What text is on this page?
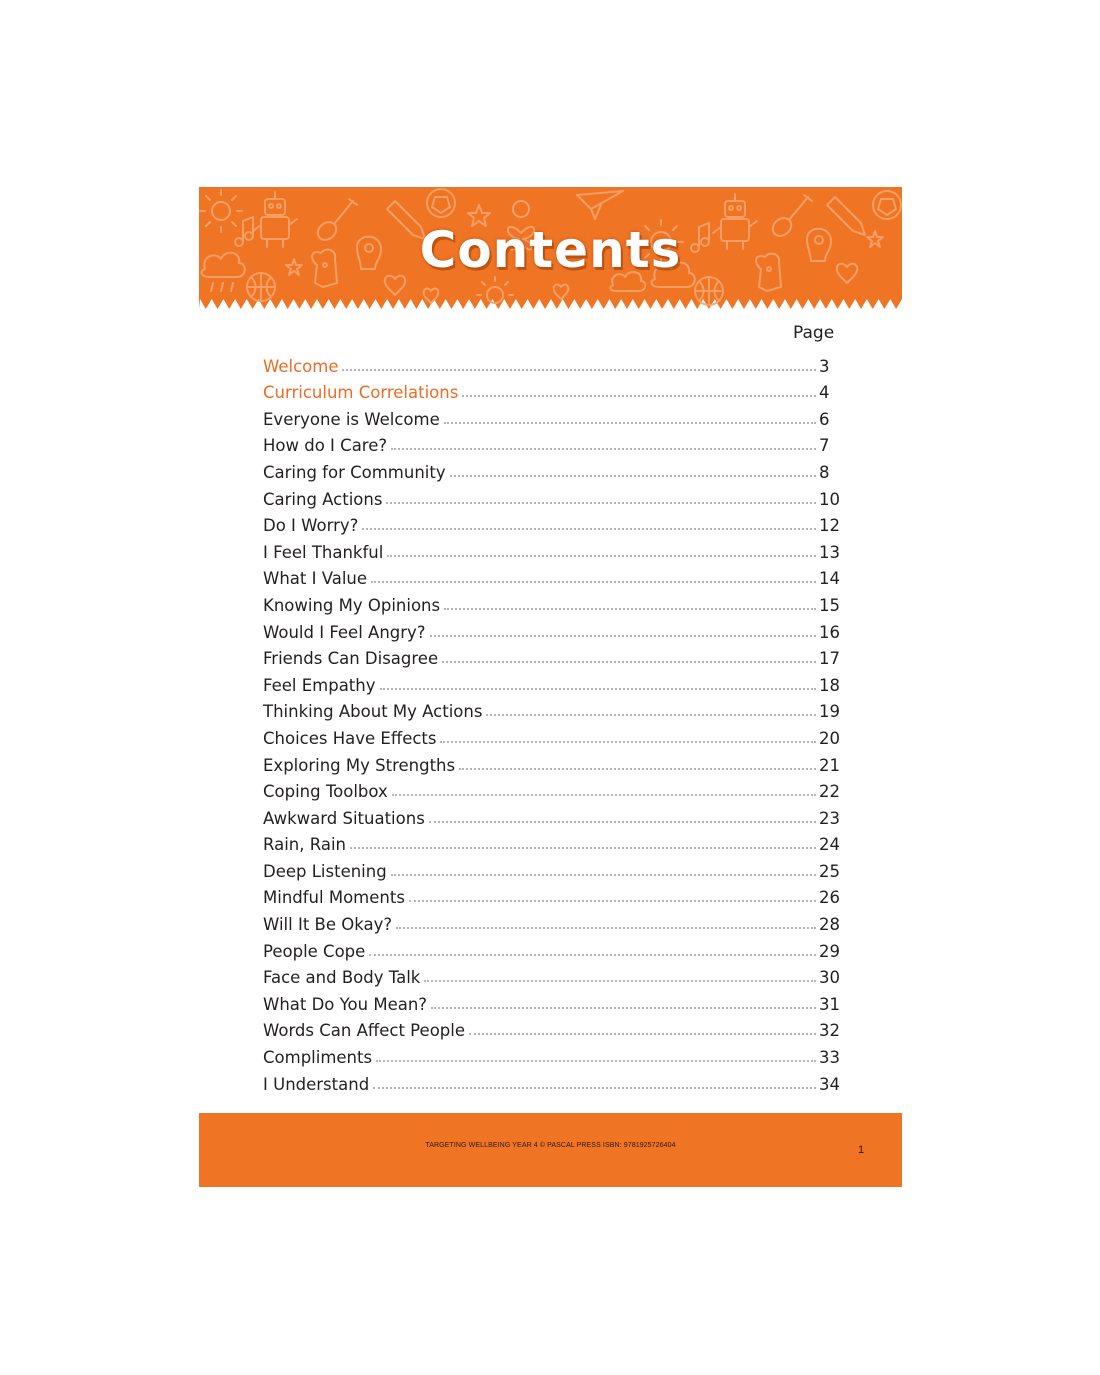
Contents
Page
Welcome	3
Curriculum Correlations	4
Everyone is Welcome	6
How do I Care?	7
Caring for Community	8
Caring Actions	10
Do I Worry?	12
I Feel Thankful	13
What I Value	14
Knowing My Opinions	15
Would I Feel Angry?	16
Friends Can Disagree	17
Feel Empathy	18
Thinking About My Actions	19
Choices Have Effects	20
Exploring My Strengths	21
Coping Toolbox	22
Awkward Situations	23
Rain, Rain	24
Deep Listening	25
Mindful Moments	26
Will It Be Okay?	28
People Cope	29
Face and Body Talk	30
What Do You Mean?	31
Words Can Affect People	32
Compliments	33
I Understand	34
TARGETING WELLBEING YEAR 4 © PASCAL PRESS ISBN: 9781925726404	1
